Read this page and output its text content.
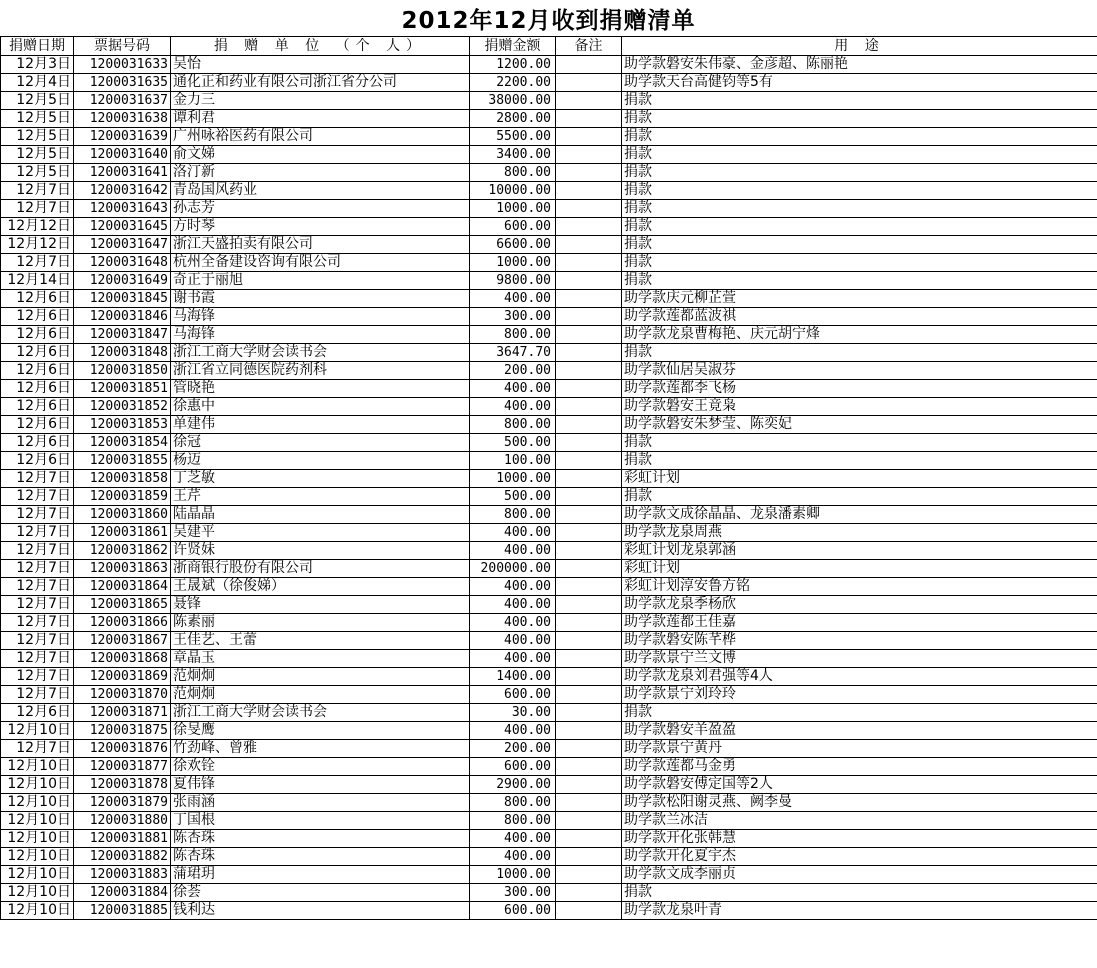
2012年12月收到捐赠清单
捐赠日期	票据号码	捐 赠 单 位 （个 人）	捐赠金额	备注	用 途
12月3日	1200031633	吴怡	1200.00		助学款磐安朱伟豪、金彦超、陈丽艳
12月4日	1200031635	通化正和药业有限公司浙江省分公司	2200.00		助学款天台高健钧等5有
12月5日	1200031637	金力三	38000.00		捐款
12月5日	1200031638	谭利君	2800.00		捐款
12月5日	1200031639	广州咏裕医药有限公司	5500.00		捐款
12月5日	1200031640	俞文娣	3400.00		捐款
12月5日	1200031641	洛汀新	800.00		捐款
12月7日	1200031642	青岛国风药业	10000.00		捐款
12月7日	1200031643	孙志芳	1000.00		捐款
12月12日	1200031645	方时琴	600.00		捐款
12月12日	1200031647	浙江天盛拍卖有限公司	6600.00		捐款
12月7日	1200031648	杭州全备建设咨询有限公司	1000.00		捐款
12月14日	1200031649	奇正于丽旭	9800.00		捐款
12月6日	1200031845	谢书霞	400.00		助学款庆元柳芷萱
12月6日	1200031846	马海锋	300.00		助学款莲都蓝波祺
12月6日	1200031847	马海锋	800.00		助学款龙泉曹梅艳、庆元胡宁烽
12月6日	1200031848	浙江工商大学财会读书会	3647.70		捐款
12月6日	1200031850	浙江省立同德医院药剂科	200.00		助学款仙居吴淑芬
12月6日	1200031851	管晓艳	400.00		助学款莲都李飞杨
12月6日	1200031852	徐惠中	400.00		助学款磐安王竟枭
12月6日	1200031853	单建伟	800.00		助学款磐安朱梦莹、陈奕妃
12月6日	1200031854	徐冠	500.00		捐款
12月6日	1200031855	杨迈	100.00		捐款
12月7日	1200031858	丁芝敏	1000.00		彩虹计划
12月7日	1200031859	王芹	500.00		捐款
12月7日	1200031860	陆晶晶	800.00		助学款文成徐晶晶、龙泉潘素卿
12月7日	1200031861	吴建平	400.00		助学款龙泉周燕
12月7日	1200031862	许贤妹	400.00		彩虹计划龙泉郭涵
12月7日	1200031863	浙商银行股份有限公司	200000.00		彩虹计划
12月7日	1200031864	王晟斌（徐俊娣）	400.00		彩虹计划淳安鲁方铭
12月7日	1200031865	聂锋	400.00		助学款龙泉季杨欣
12月7日	1200031866	陈素丽	400.00		助学款莲都王佳嘉
12月7日	1200031867	王佳艺、王蕾	400.00		助学款磐安陈芊桦
12月7日	1200031868	章晶玉	400.00		助学款景宁兰文博
12月7日	1200031869	范炯炯	1400.00		助学款龙泉刘君强等4人
12月7日	1200031870	范炯炯	600.00		助学款景宁刘玲玲
12月6日	1200031871	浙江工商大学财会读书会	30.00		捐款
12月10日	1200031875	徐旻鹰	400.00		助学款磐安羊盈盈
12月7日	1200031876	竹劲峰、曾雅	200.00		助学款景宁黄丹
12月10日	1200031877	徐欢铨	600.00		助学款莲都马金勇
12月10日	1200031878	夏伟锋	2900.00		助学款磐安傅定国等2人
12月10日	1200031879	张雨涵	800.00		助学款松阳谢灵燕、阙李曼
12月10日	1200031880	丁国根	800.00		助学款兰冰洁
12月10日	1200031881	陈杏珠	400.00		助学款开化张韩慧
12月10日	1200031882	陈杏珠	400.00		助学款开化夏宇杰
12月10日	1200031883	蒲珺玥	1000.00		助学款文成李丽贞
12月10日	1200031884	徐荟	300.00		捐款
12月10日	1200031885	钱利达	600.00		助学款龙泉叶青
